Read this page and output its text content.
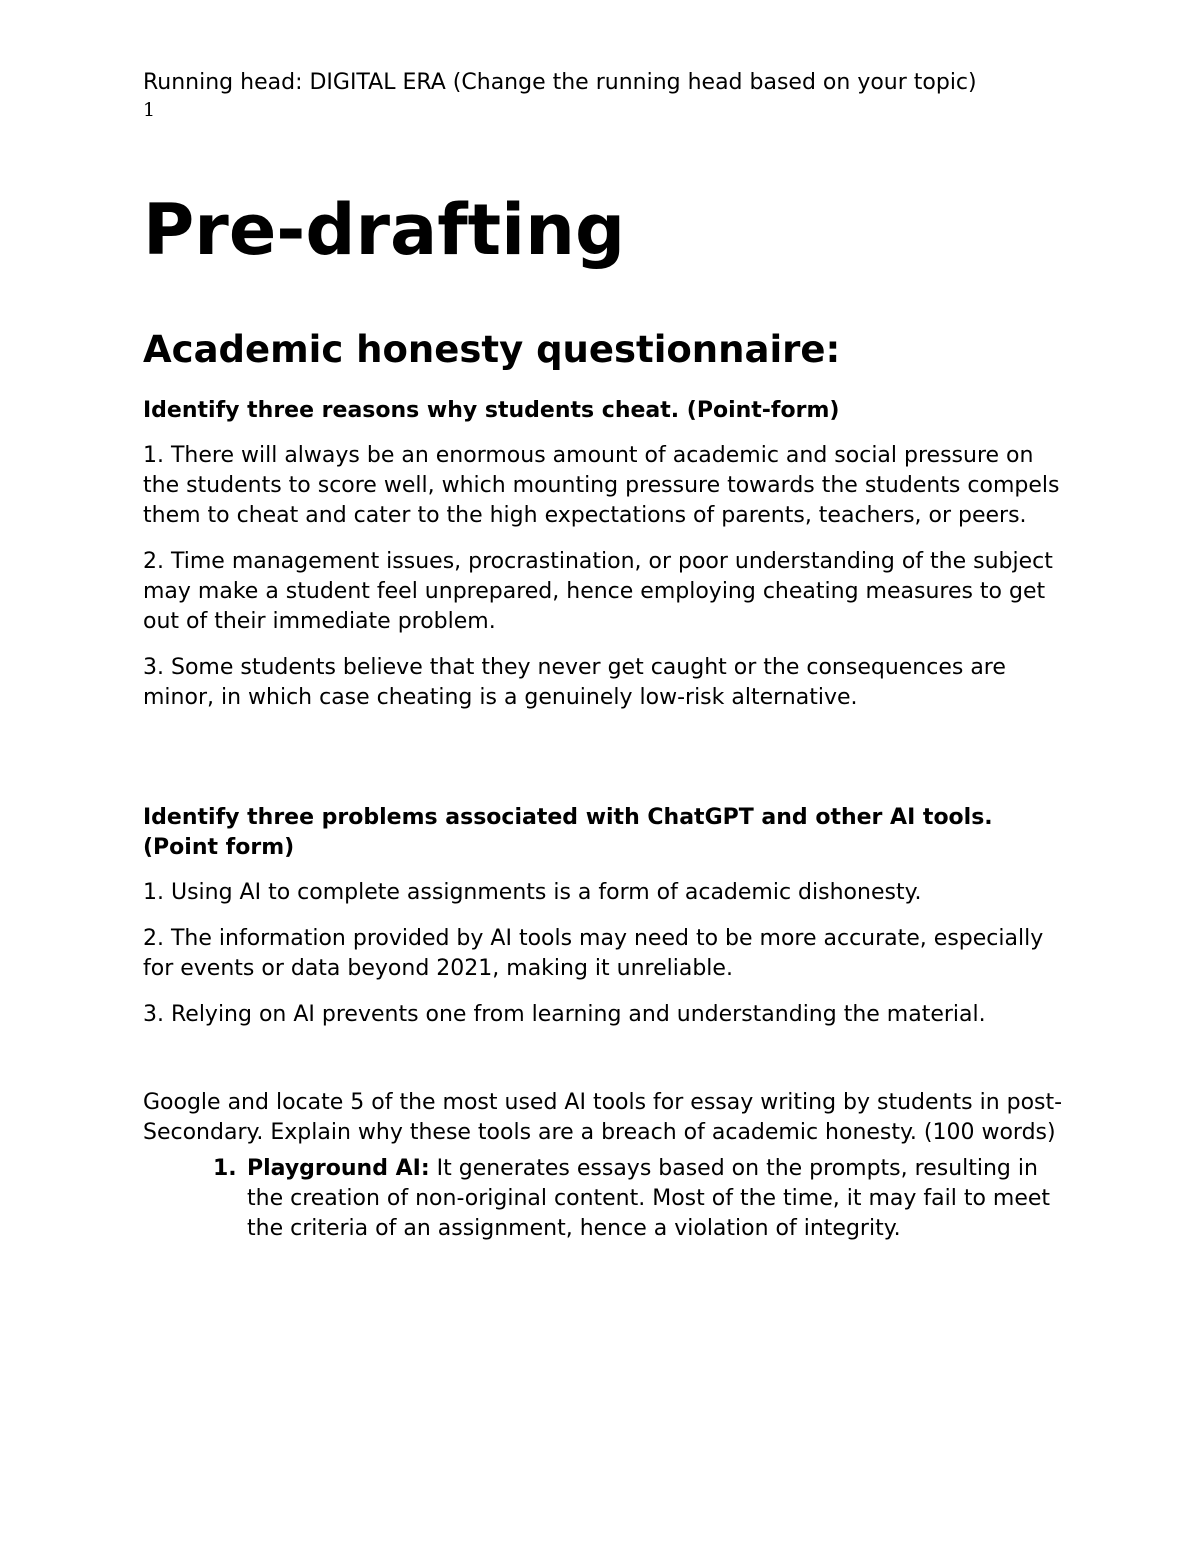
Running head: DIGITAL ERA (Change the running head based on your topic)

1

Pre-drafting
Academic honesty questionnaire:

Identify three reasons why students cheat. (Point-form)

1. There will always be an enormous amount of academic and social pressure on the students to score well, which mounting pressure towards the students compels them to cheat and cater to the high expectations of parents, teachers, or peers.

2. Time management issues, procrastination, or poor understanding of the subject may make a student feel unprepared, hence employing cheating measures to get out of their immediate problem.

3. Some students believe that they never get caught or the consequences are minor, in which case cheating is a genuinely low-risk alternative.

Identify three problems associated with ChatGPT and other AI tools. (Point form)

1. Using AI to complete assignments is a form of academic dishonesty.

2. The information provided by AI tools may need to be more accurate, especially for events or data beyond 2021, making it unreliable.

3. Relying on AI prevents one from learning and understanding the material.

Google and locate 5 of the most used AI tools for essay writing by students in post-Secondary. Explain why these tools are a breach of academic honesty. (100 words)

1. Playground AI: It generates essays based on the prompts, resulting in the creation of non-original content. Most of the time, it may fail to meet the criteria of an assignment, hence a violation of integrity.
